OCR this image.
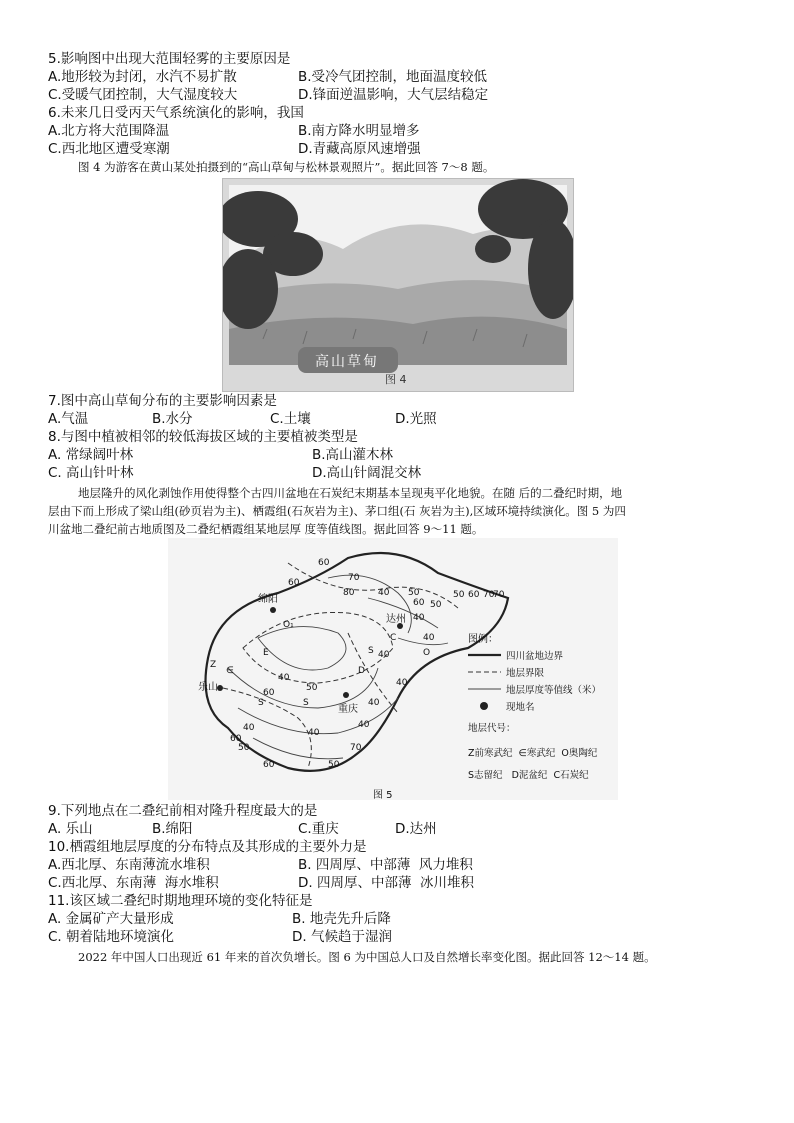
5.影响图中出现大范围轻雾的主要原因是
A.地形较为封闭，水汽不易扩散	B.受冷气团控制，地面温度较低
C.受暖气团控制，大气湿度较大	D.锋面逆温影响，大气层结稳定
6.未来几日受丙天气系统演化的影响，我国
A.北方将大范围降温	B.南方降水明显增多
C.西北地区遭受寒潮	D.青藏高原风速增强
图 4 为游客在黄山某处拍摄到的“高山草甸与松林景观照片”。据此回答 7～8 题。
高山草甸
图 4
7.图中高山草甸分布的主要影响因素是
A.气温	B.水分	C.土壤	D.光照
8.与图中植被相邻的较低海拔区域的主要植被类型是
A. 常绿阔叶林	B.高山灌木林
C. 高山针叶林	D.高山针阔混交林
地层隆升的风化剥蚀作用使得整个古四川盆地在石炭纪末期基本呈现夷平化地貌。在随 后的二叠纪时期，地
层由下而上形成了梁山组(砂页岩为主)、栖霞组(石灰岩为主)、茅口组(石 灰岩为主),区域环境持续演化。图 5 为四
川盆地二叠纪前古地质图及二叠纪栖霞组某地层厚 度等值线图。据此回答 9～11 题。
绵阳
达州
乐山
重庆
60
70
80
60
40 50	50 60 70
40
40
40
50
40
40
60
40
40
50
60
40
50
60
70
40
60 50
70
O₁
C
S
E
Z
∈
S	S
D
O
图例：
四川盆地边界
地层界限
地层厚度等值线（米）
现地名
地层代号：
Z前寒武纪  ∈寒武纪  O奥陶纪
S志留纪   D泥盆纪  C石炭纪
图 5
9.下列地点在二叠纪前相对隆升程度最大的是
A. 乐山	B.绵阳	C.重庆	D.达州
10.栖霞组地层厚度的分布特点及其形成的主要外力是
A.西北厚、东南薄流水堆积	B. 四周厚、中部薄  风力堆积
C.西北厚、东南薄  海水堆积	D. 四周厚、中部薄  冰川堆积
11.该区域二叠纪时期地理环境的变化特征是
A. 金属矿产大量形成	B. 地壳先升后降
C. 朝着陆地环境演化	D. 气候趋于湿润
2022 年中国人口出现近 61 年来的首次负增长。图 6 为中国总人口及自然增长率变化图。据此回答 12～14 题。
